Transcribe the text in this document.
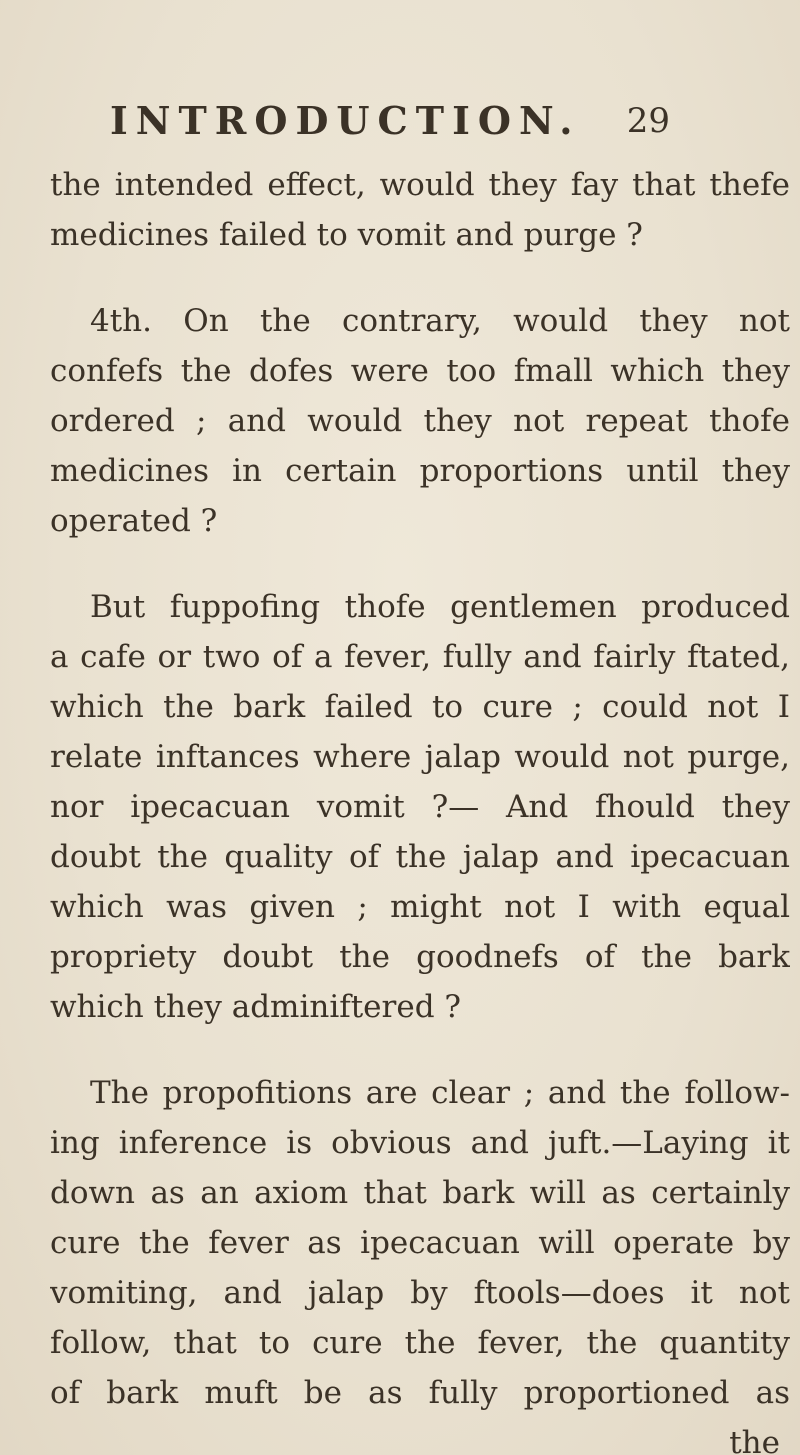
INTRODUCTION. 29
the intended effect, would they fay that thefe
medicines failed to vomit and purge ?
4th. On the contrary, would they not
confefs the dofes were too fmall which they
ordered ; and would they not repeat thofe
medicines in certain proportions until they
operated ?
But fuppofing thofe gentlemen produced
a cafe or two of a fever, fully and fairly ftated,
which the bark failed to cure ; could not I
relate inftances where jalap would not purge,
nor ipecacuan vomit ?— And fhould they
doubt the quality of the jalap and ipecacuan
which was given ; might not I with equal
propriety doubt the goodnefs of the bark
which they adminiftered ?
The propofitions are clear ; and the follow-
ing inference is obvious and juft.—Laying it
down as an axiom that bark will as certainly
cure the fever as ipecacuan will operate by
vomiting, and jalap by ftools—does it not
follow, that to cure the fever, the quantity
of bark muft be as fully proportioned as
the
